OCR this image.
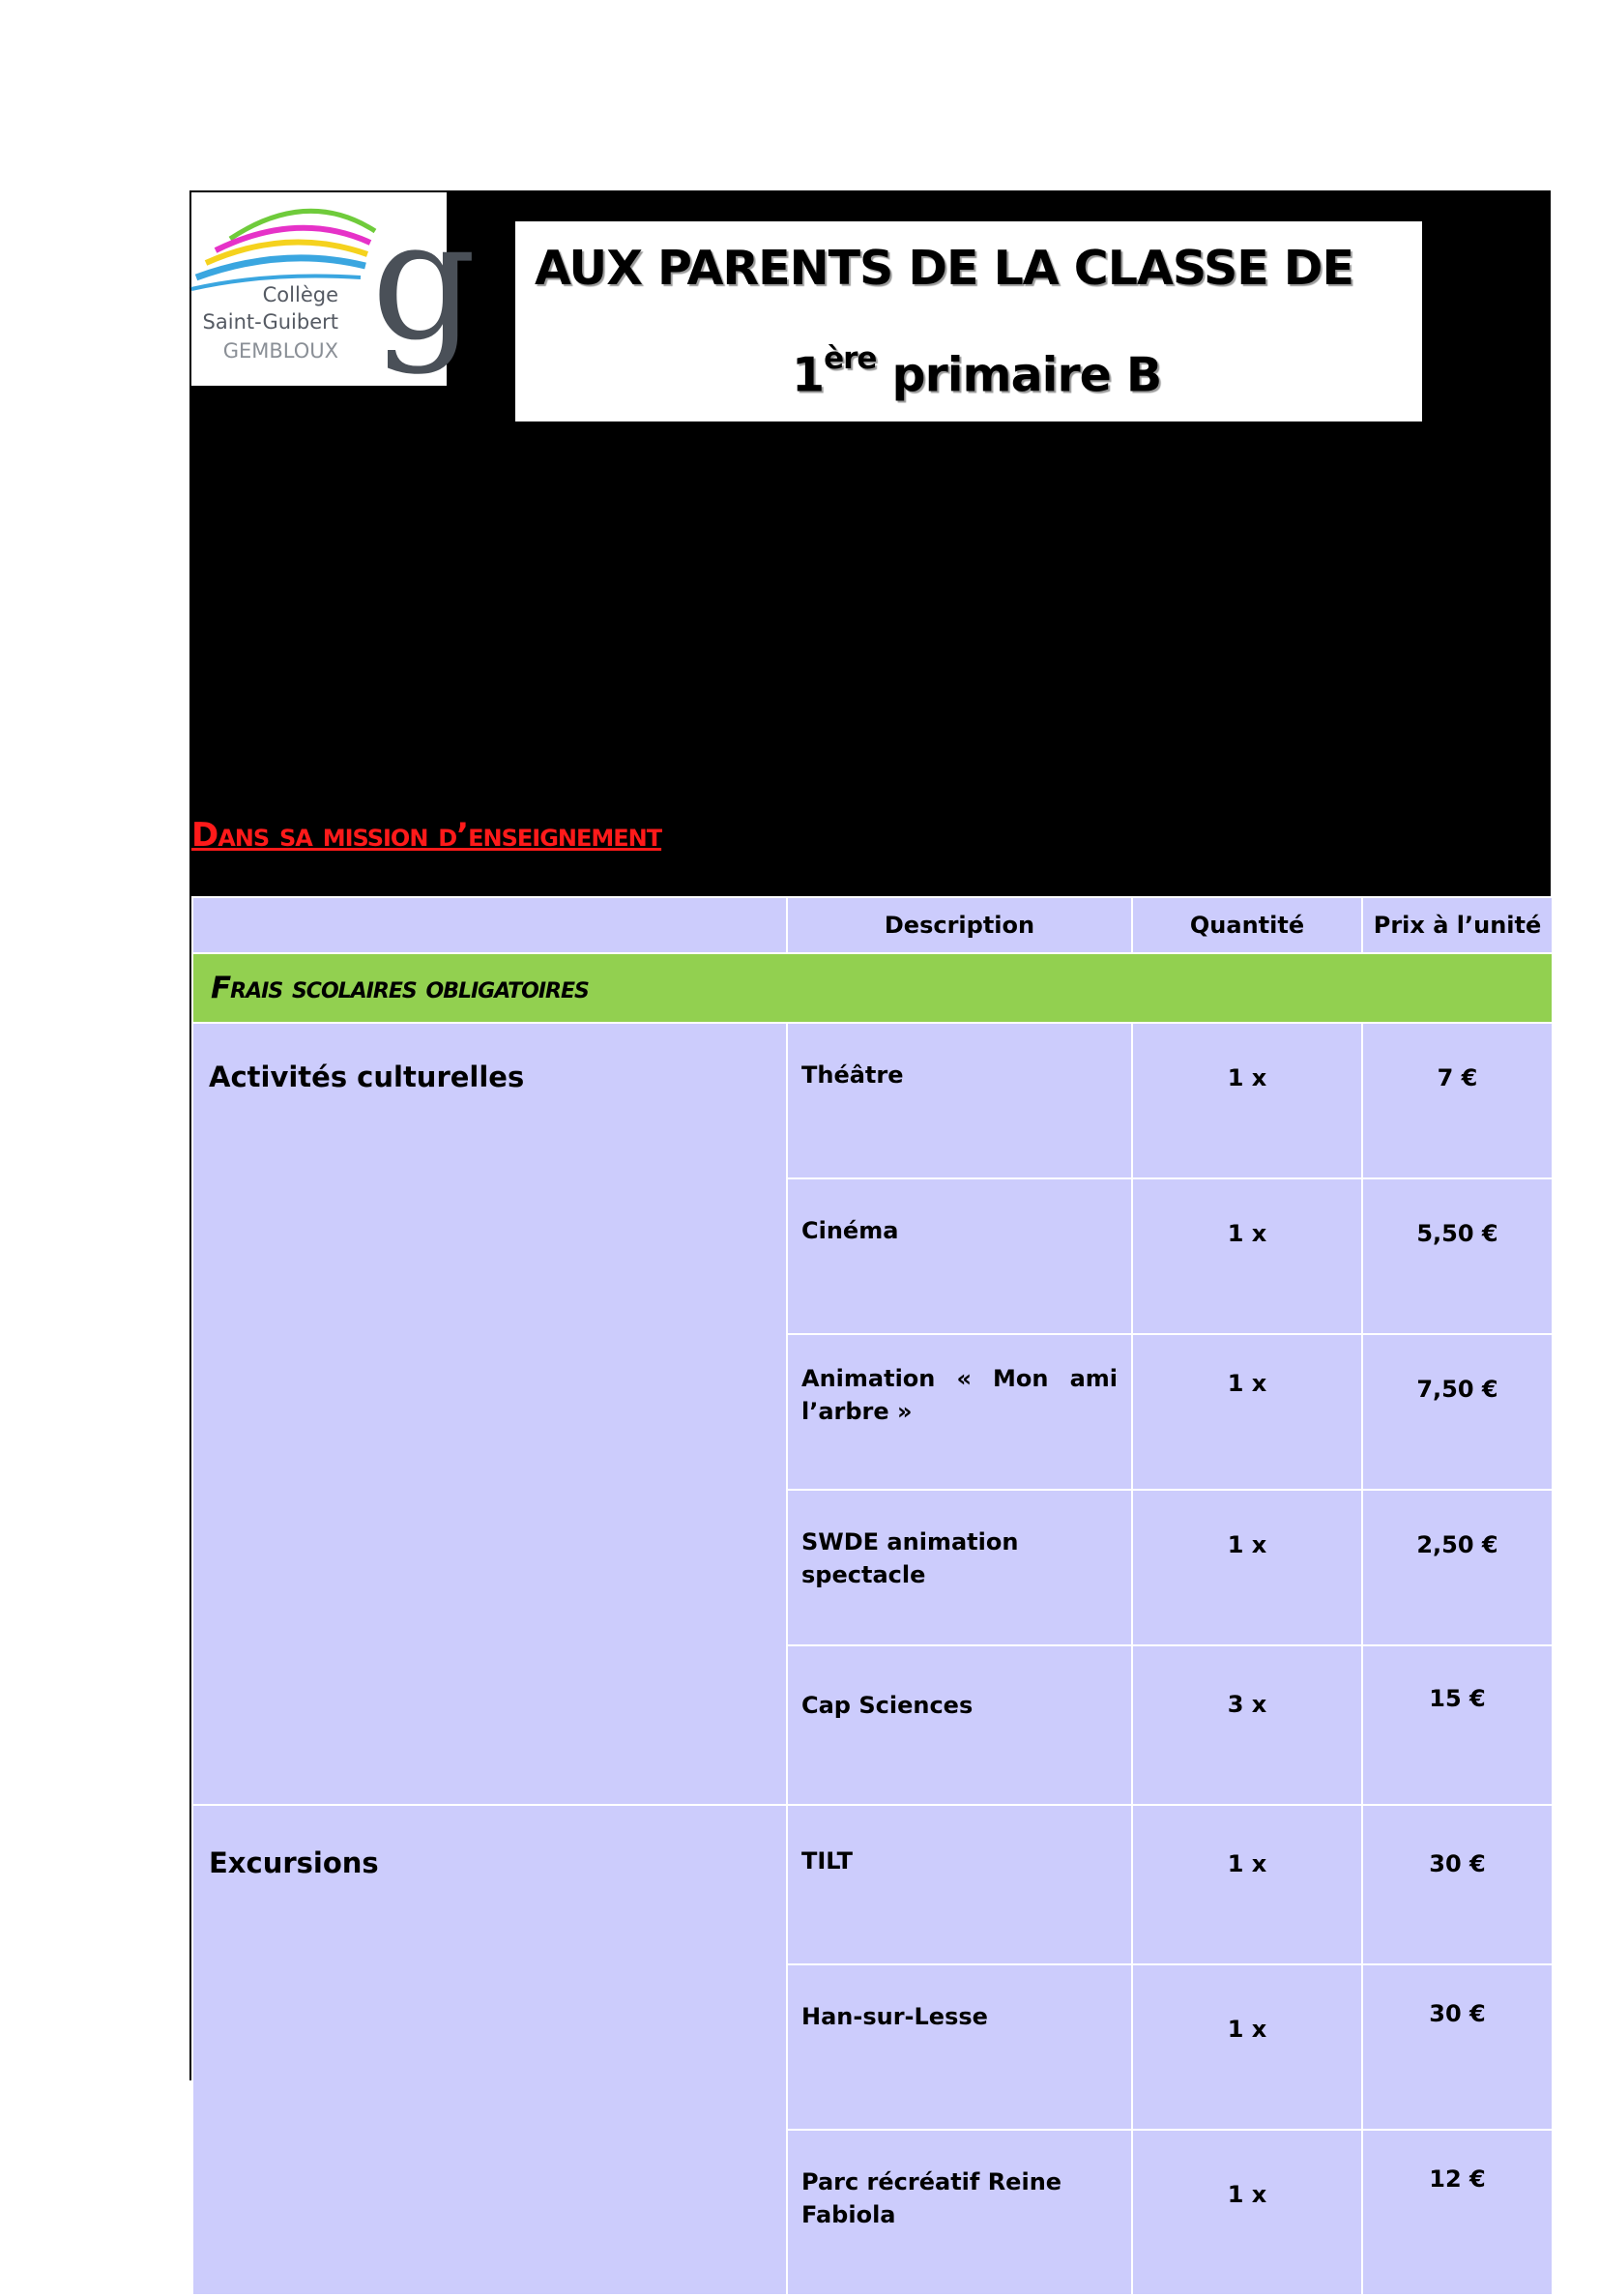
g
Collège
Saint-Guibert
GEMBLOUX
AUX PARENTS DE LA CLASSE DE
1ère primaire B
Dans sa mission d’enseignement
	Description	Quantité	Prix à l’unité
Frais scolaires obligatoires			
Activités culturelles	Théâtre	1 x	7 €
	Cinéma	1 x	5,50 €
	Animation « Mon ami l’arbre »	1 x	7,50 €
	SWDE animation spectacle	1 x	2,50 €
	Cap Sciences	3 x	15 €
Excursions	TILT	1 x	30 €
	Han-sur-Lesse	1 x	30 €
	Parc récréatif Reine Fabiola	1 x	12 €
